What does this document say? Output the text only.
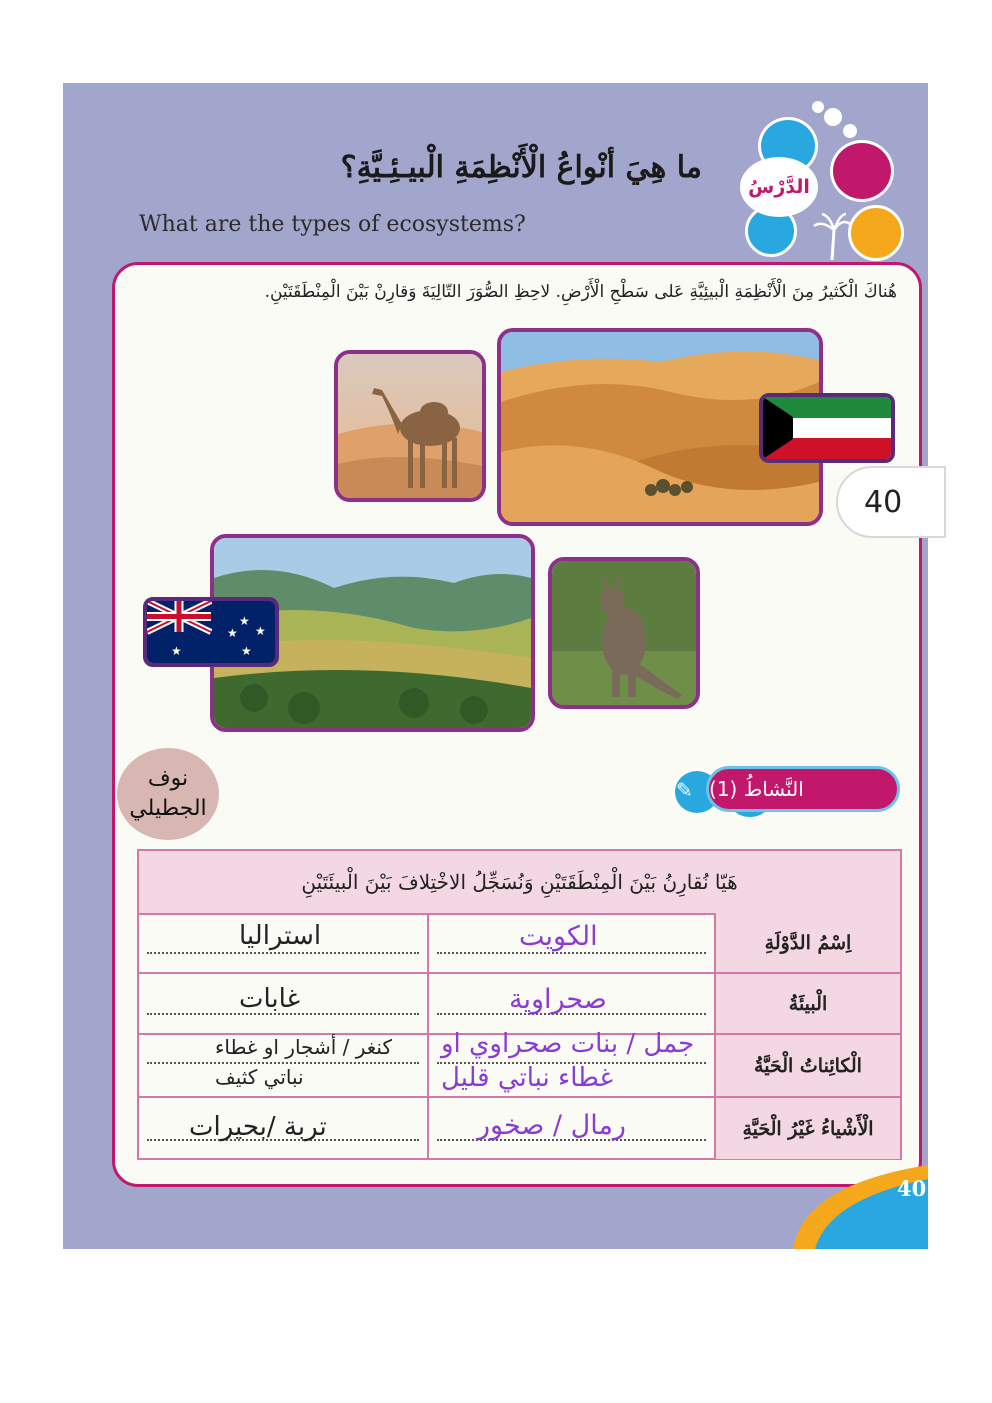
الدَّرْسُ
ما هِيَ أنْواعُ الْأَنْظِمَةِ الْبيـئِـيَّةِ؟
What are the types of ecosystems?
هُناكَ الْكَثيرُ مِنَ الْأَنْظِمَةِ الْبيئِيَّةِ عَلى سَطْحِ الْأَرْضِ. لاحِظِ الصُّوَرَ التّالِيَةَ وَقارِنْ بَيْنَ الْمِنْطَقَتَيْنِ.
40
★
★
★
★
★
نوف
الجطيلي
✎ النَّشاطُ (1)
هَيّا نُقارِنُ بَيْنَ الْمِنْطَقَتَيْنِ وَنُسَجِّلُ الاخْتِلافَ بَيْنَ الْبيئَتَيْنِ
اِسْمُ الدَّوْلَةِ
الكويت
استراليا
الْبيئَةُ
صحراوية
غابات
الْكائِناتُ الْحَيَّةُ
جمل / بنات صحراوي او
غطاء نباتي قليل
كنغر / أشجار او غطاء
نباتي كثيف
الْأَشْياءُ غَيْرُ الْحَيَّةِ
رمال / صخور
تربة /بحيرات
40
